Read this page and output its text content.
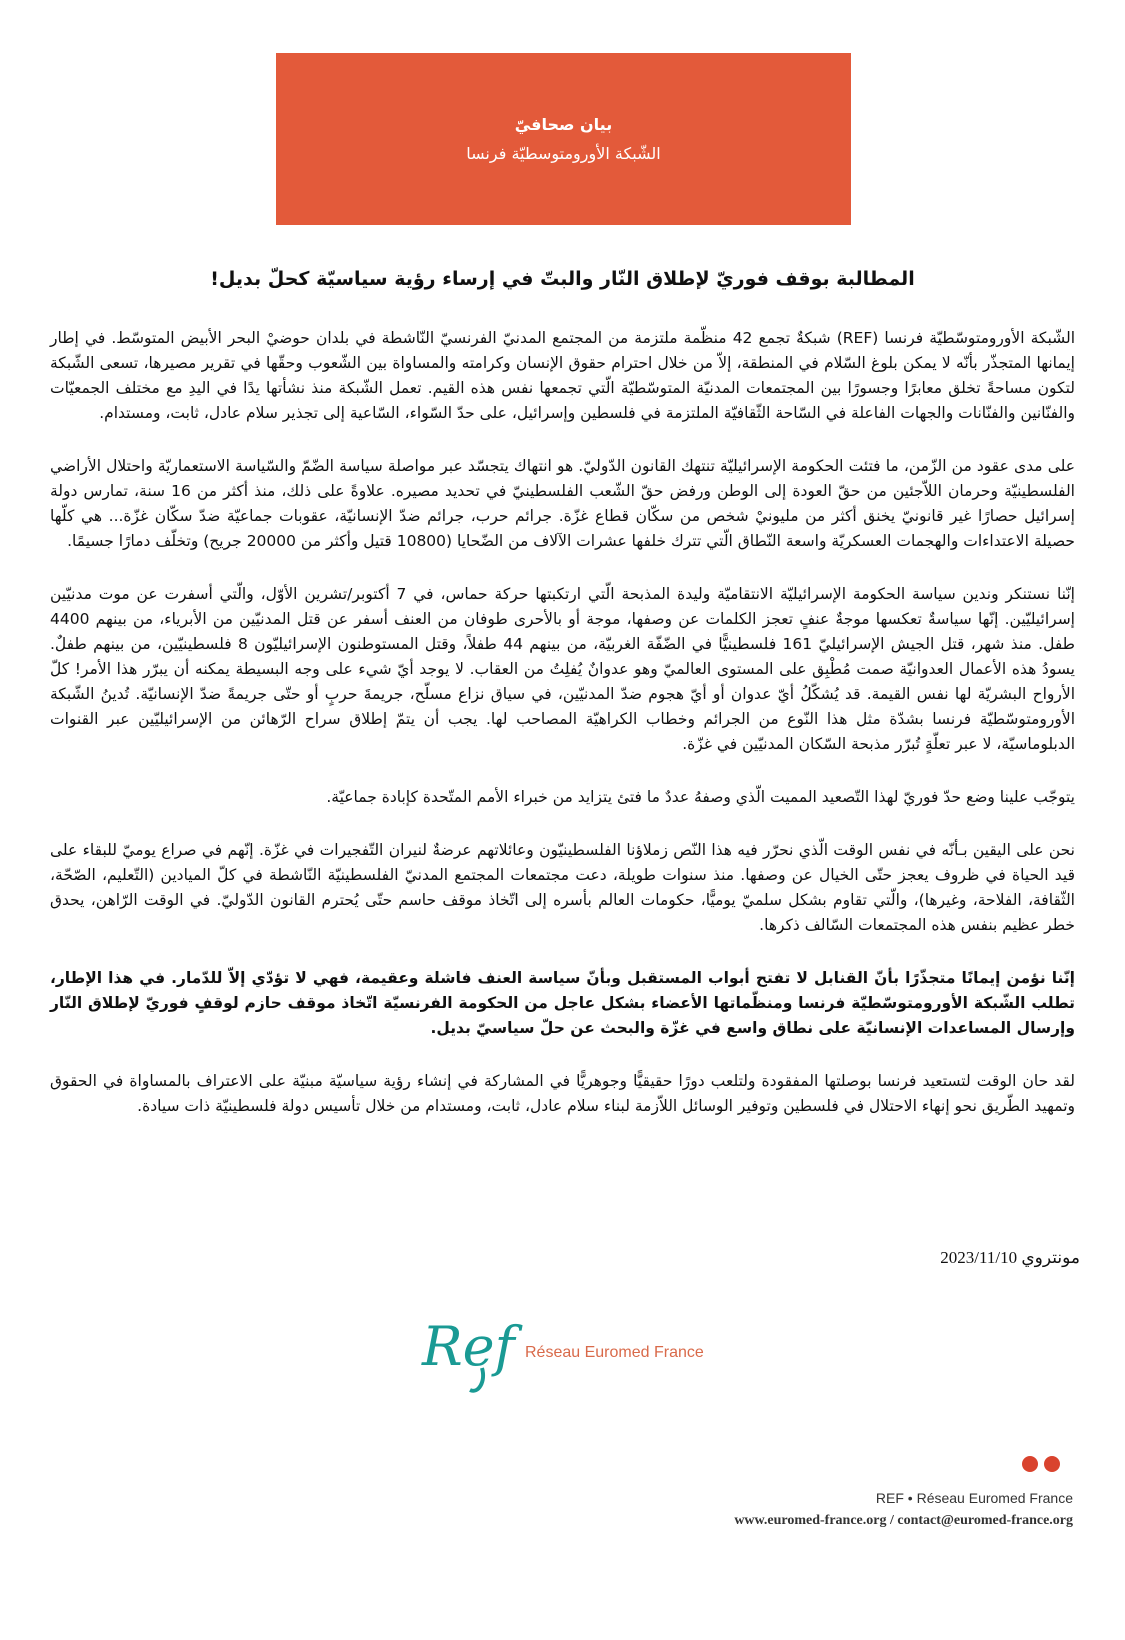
بيان صحافيّ
الشّبكة الأورومتوسطيّة فرنسا
المطالبة بوقف فوريّ لإطلاق النّار والبتّ في إرساء رؤية سياسيّة كحلّ بديل!

الشّبكة الأورومتوسّطيّة فرنسا (REF) شبكةٌ تجمع 42 منظّمة ملتزمة من المجتمع المدنيّ الفرنسيّ النّاشطة في بلدان حوضيْ البحر الأبيض المتوسّط. في إطار إيمانها المتجذّر بأنّه لا يمكن بلوغ السّلام في المنطقة، إلاّ من خلال احترام حقوق الإنسان وكرامته والمساواة بين الشّعوب وحقّها في تقرير مصيرها، تسعى الشّبكة لتكون مساحةً تخلق معابرًا وجسورًا بين المجتمعات المدنيّة المتوسّطيّة الّتي تجمعها نفس هذه القيم. تعمل الشّبكة منذ نشأتها يدًا في اليدِ مع مختلف الجمعيّات والفنّانين والفنّانات والجهات الفاعلة في السّاحة الثّقافيّة الملتزمة في فلسطين وإسرائيل، على حدّ السّواء، السّاعية إلى تجذير سلام عادل، ثابت، ومستدام.

على مدى عقود من الزّمن، ما فتئت الحكومة الإسرائيليّة تنتهك القانون الدّوليّ. هو انتهاك يتجسّد عبر مواصلة سياسة الضّمّ والسّياسة الاستعماريّة واحتلال الأراضي الفلسطينيّة وحرمان اللاّجئين من حقّ العودة إلى الوطن ورفض حقّ الشّعب الفلسطينيّ في تحديد مصيره. علاوةً على ذلك، منذ أكثر من 16 سنة، تمارس دولة إسرائيل حصارًا غير قانونيّ يخنق أكثر من مليونيْ شخص من سكّان قطاع غزّة. جرائم حرب، جرائم ضدّ الإنسانيّة، عقوبات جماعيّة ضدّ سكّان غزّة... هي كلّها حصيلة الاعتداءات والهجمات العسكريّة واسعة النّطاق الّتي تترك خلفها عشرات الآلاف من الضّحايا (10800 قتيل وأكثر من 20000 جريح) وتخلّف دمارًا جسيمًا.

إنّنا نستنكر وندين سياسة الحكومة الإسرائيليّة الانتقاميّة وليدة المذبحة الّتي ارتكبتها حركة حماس، في 7 أكتوبر/تشرين الأوّل، والّتي أسفرت عن موت مدنيّين إسرائيليّين. إنّها سياسةٌ تعكسها موجةٌ عنفٍ تعجز الكلمات عن وصفها، موجة أو بالأحرى طوفان من العنف أسفر عن قتل المدنيّين من الأبرياء، من بينهم 4400 طفل. منذ شهر، قتل الجيش الإسرائيليّ 161 فلسطينيًّا في الضّفّة الغربيّة، من بينهم 44 طفلاً، وقتل المستوطنون الإسرائيليّون 8 فلسطينيّين، من بينهم طفلٌ. يسودُ هذه الأعمال العدوانيّة صمت مُطْبِق على المستوى العالميّ وهو عدوانٌ يُفلِتُ من العقاب. لا يوجد أيّ شيء على وجه البسيطة يمكنه أن يبرّر هذا الأمر! كلّ الأرواح البشريّة لها نفس القيمة. قد يُشكّلُ أيّ عدوان أو أيّ هجوم ضدّ المدنيّين، في سياق نزاع مسلّح، جريمةَ حربٍ أو حتّى جريمةً ضدّ الإنسانيّة. تُدينُ الشّبكة الأورومتوسّطيّة فرنسا بشدّة مثل هذا النّوع من الجرائم وخطاب الكراهيّة المصاحب لها. يجب أن يتمّ إطلاق سراح الرّهائن من الإسرائيليّين عبر القنوات الدبلوماسيّة، لا عبر تعلّةٍ تُبرّر مذبحة السّكان المدنيّين في غزّة.

يتوجّب علينا وضع حدّ فوريّ لهذا التّصعيد المميت الّذي وصفهُ عددٌ ما فتئ يتزايد من خبراء الأمم المتّحدة كإبادة جماعيّة.

نحن على اليقين بـأنّه في نفس الوقت الّذي نحرّر فيه هذا النّص زملاؤنا الفلسطينيّون وعائلاتهم عرضةٌ لنيران التّفجيرات في غزّة. إنّهم في صراع يوميّ للبقاء على قيد الحياة في ظروف يعجز حتّى الخيال عن وصفها. منذ سنوات طويلة، دعت مجتمعات المجتمع المدنيّ الفلسطينيّة النّاشطة في كلّ الميادين (التّعليم، الصّحّة، الثّقافة، الفلاحة، وغيرها)، والّتي تقاوم بشكل سلميّ يوميًّا، حكومات العالم بأسره إلى اتّخاذ موقف حاسم حتّى يُحترم القانون الدّوليّ. في الوقت الرّاهن، يحدق خطر عظيم بنفس هذه المجتمعات السّالف ذكرها.

إنّنا نؤمن إيمانًا متجذّرًا بأنّ القنابل لا تفتح أبواب المستقبل وبأنّ سياسة العنف فاشلة وعقيمة، فهي لا تؤدّي إلاّ للدّمار. في هذا الإطار، تطلب الشّبكة الأورومتوسّطيّة فرنسا ومنظّماتها الأعضاء بشكل عاجل من الحكومة الفرنسيّة اتّخاذ موقف حازم لوقفٍ فوريّ لإطلاق النّار وإرسال المساعدات الإنسانيّة على نطاق واسع في غزّة والبحث عن حلّ سياسيّ بديل.

لقد حان الوقت لتستعيد فرنسا بوصلتها المفقودة ولتلعب دورًا حقيقيًّا وجوهريًّا في المشاركة في إنشاء رؤية سياسيّة مبنيّة على الاعتراف بالمساواة في الحقوق وتمهيد الطّريق نحو إنهاء الاحتلال في فلسطين وتوفير الوسائل اللاّزمة لبناء سلام عادل، ثابت، ومستدام من خلال تأسيس دولة فلسطينيّة ذات سيادة.

مونتروي 2023/11/10
Ref Réseau Euromed France
REF • Réseau Euromed France
www.euromed-france.org / contact@euromed-france.org
